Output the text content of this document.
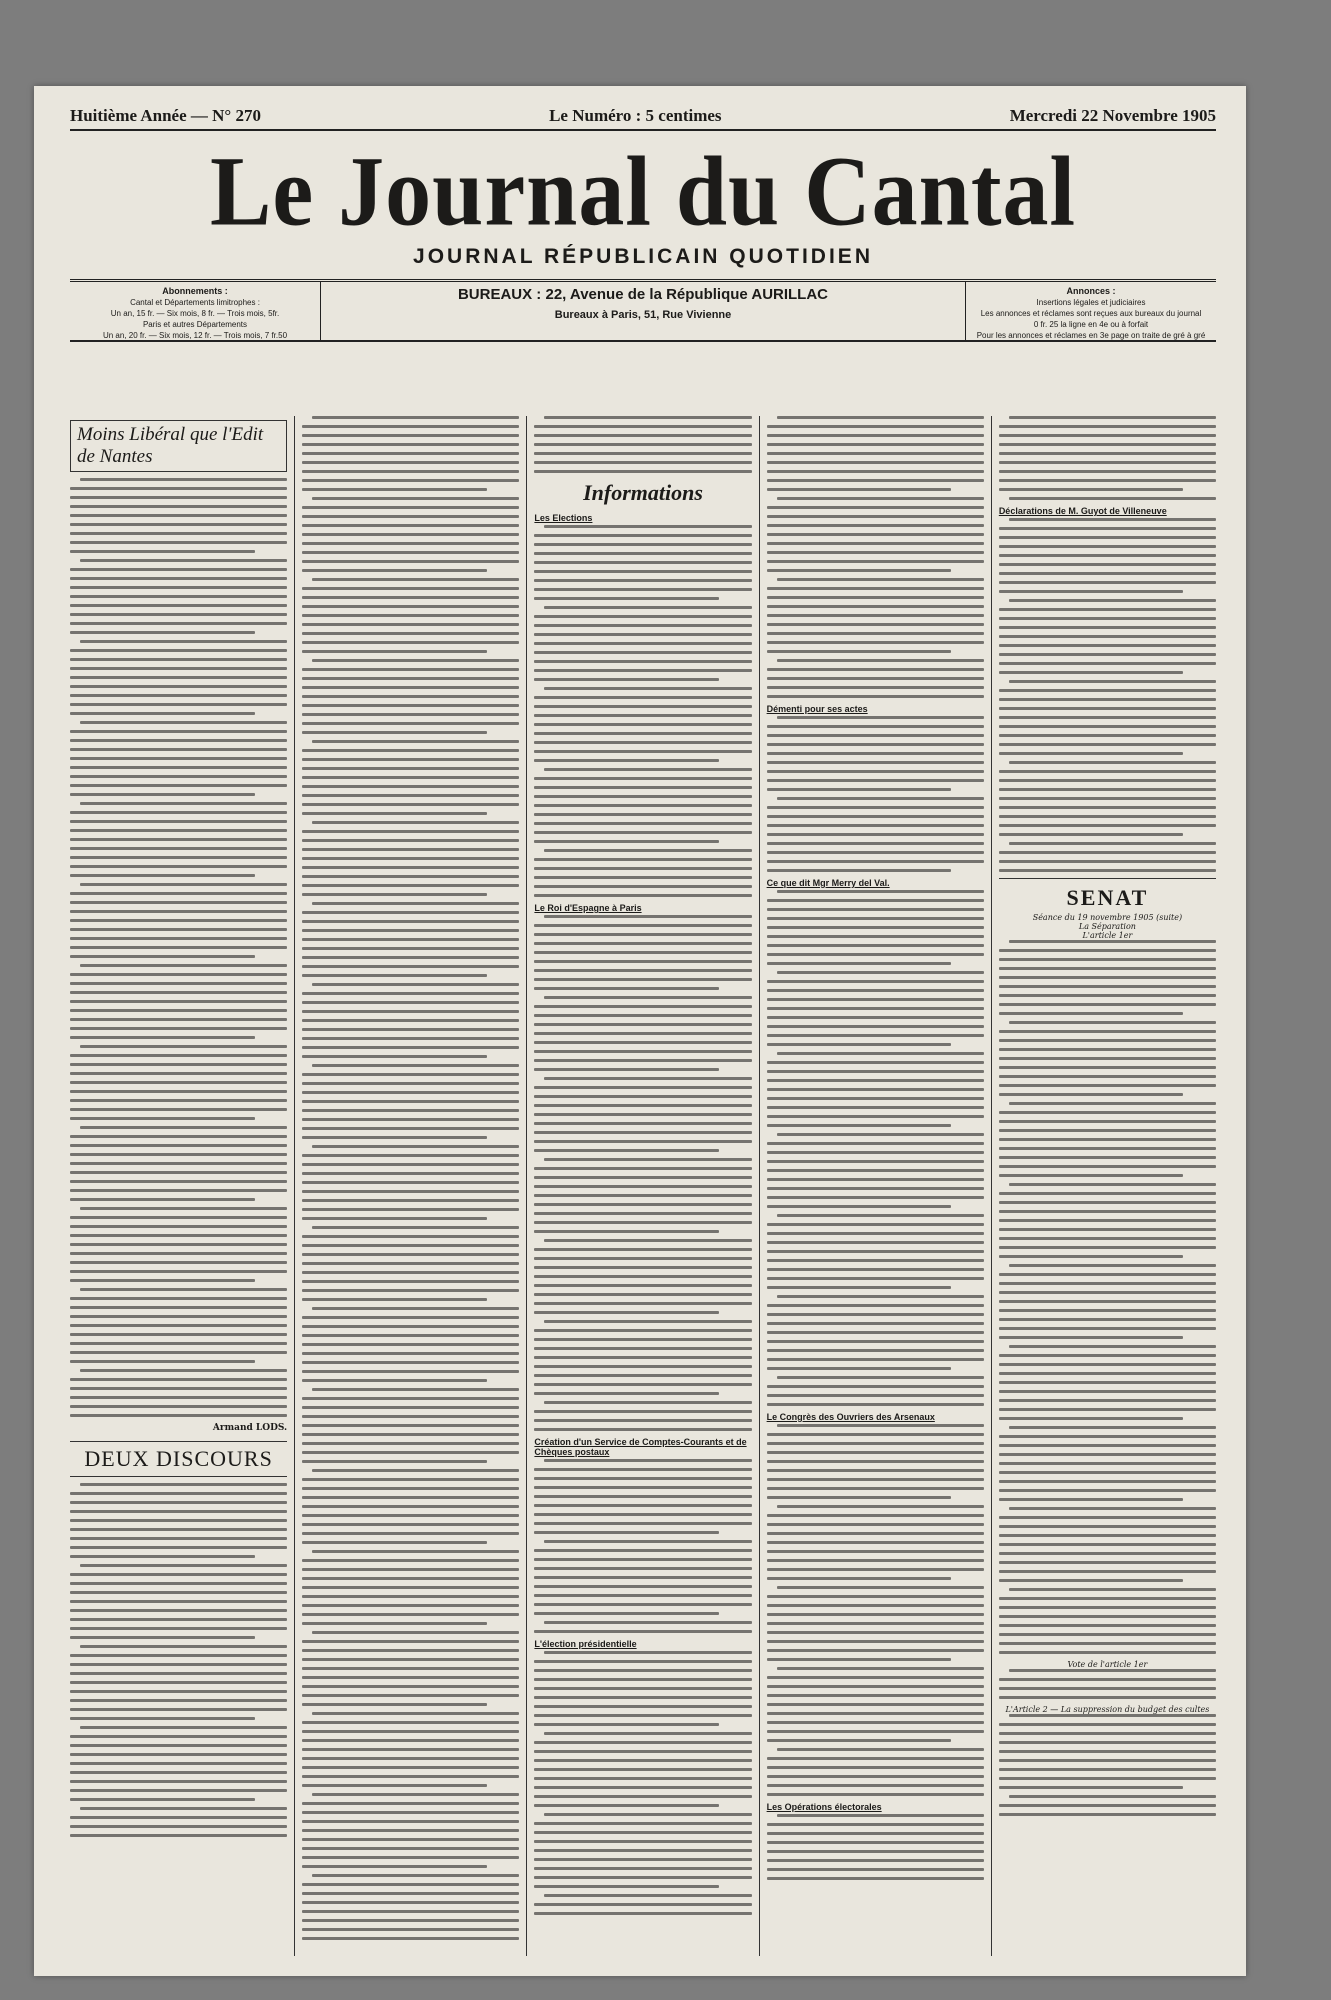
Huitième Année — N° 270	Le Numéro : 5 centimes	Mercredi 22 Novembre 1905
Le Journal du Cantal
JOURNAL RÉPUBLICAIN QUOTIDIEN
Abonnements :
Cantal et Départements limitrophes :
Un an, 15 fr. — Six mois, 8 fr. — Trois mois, 5fr.
Paris et autres Départements
Un an, 20 fr. — Six mois, 12 fr. — Trois mois, 7 fr.50
BUREAUX : 22, Avenue de la République AURILLAC
Bureaux à Paris, 51, Rue Vivienne
Annonces :
Insertions légales et judiciaires
Les annonces et réclames sont reçues aux bureaux du journal
0 fr. 25 la ligne en 4e ou à forfait
Pour les annonces et réclames en 3e page on traite de gré à gré
Moins Libéral que l'Edit de Nantes
Armand LODS.
DEUX DISCOURS
Informations
Les Elections
Le Roi d'Espagne à Paris
Création d'un Service de Comptes-Courants et de Chèques postaux
L'élection présidentielle
Démenti pour ses actes
Ce que dit Mgr Merry del Val.
Le Congrès des Ouvriers des Arsenaux
Les Opérations électorales
Déclarations de M. Guyot de Villeneuve
SENAT
Séance du 19 novembre 1905 (suite)
La Séparation
L'article 1er
Vote de l'article 1er
L'Article 2 — La suppression du budget des cultes
